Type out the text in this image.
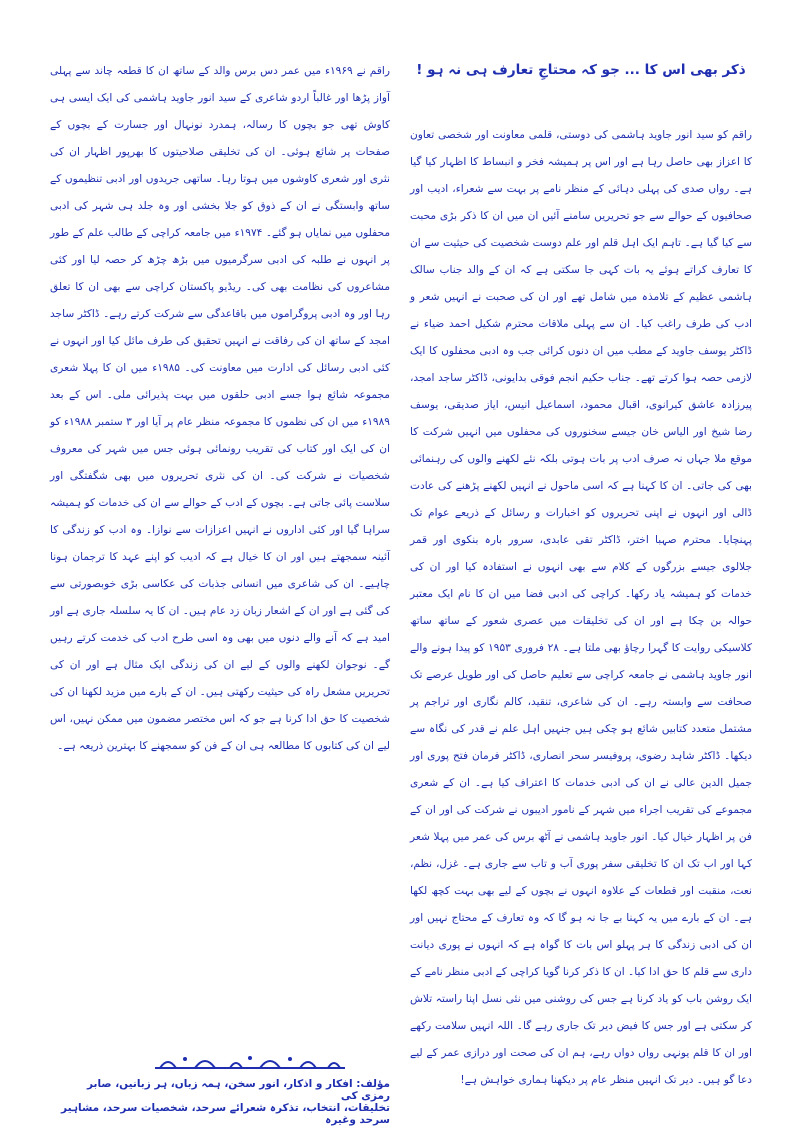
ذکر بھی اس کا ... جو کہ محتاجِ تعارف ہی نہ ہو !

راقم کو سید انور جاوید ہاشمی کی دوستی، قلمی معاونت اور شخصی تعاون کا اعزاز بھی حاصل رہا ہے اور اس پر ہمیشہ فخر و انبساط کا اظہار کیا گیا ہے۔ رواں صدی کی پہلی دہائی کے منظر نامے پر بہت سے شعراء، ادیب اور صحافیوں کے حوالے سے جو تحریریں سامنے آئیں ان میں ان کا ذکر بڑی محبت سے کیا گیا ہے۔ تاہم ایک اہل قلم اور علم دوست شخصیت کی حیثیت سے ان کا تعارف کراتے ہوئے یہ بات کہی جا سکتی ہے کہ ان کے والد جناب سالک ہاشمی عظیم کے تلامذہ میں شامل تھے اور ان کی صحبت نے انہیں شعر و ادب کی طرف راغب کیا۔ ان سے پہلی ملاقات محترم شکیل احمد ضیاء نے ڈاکٹر یوسف جاوید کے مطب میں ان دنوں کرائی جب وہ ادبی محفلوں کا ایک لازمی حصہ ہوا کرتے تھے۔ جناب حکیم انجم فوقی بدایونی، ڈاکٹر ساجد امجد، پیرزادہ عاشق کیرانوی، اقبال محمود، اسماعیل انیس، ایاز صدیقی، یوسف رضا شیخ اور الیاس خان جیسے سخنوروں کی محفلوں میں انہیں شرکت کا موقع ملا جہاں نہ صرف ادب پر بات ہوتی بلکہ نئے لکھنے والوں کی رہنمائی بھی کی جاتی۔ ان کا کہنا ہے کہ اسی ماحول نے انہیں لکھنے پڑھنے کی عادت ڈالی اور انہوں نے اپنی تحریروں کو اخبارات و رسائل کے ذریعے عوام تک پہنچایا۔ محترم صہبا اختر، ڈاکٹر تقی عابدی، سرور بارہ بنکوی اور قمر جلالوی جیسے بزرگوں کے کلام سے بھی انہوں نے استفادہ کیا اور ان کی خدمات کو ہمیشہ یاد رکھا۔ کراچی کی ادبی فضا میں ان کا نام ایک معتبر حوالہ بن چکا ہے اور ان کی تخلیقات میں عصری شعور کے ساتھ ساتھ کلاسیکی روایت کا گہرا رچاؤ بھی ملتا ہے۔ ۲۸ فروری ۱۹۵۳ کو پیدا ہونے والے انور جاوید ہاشمی نے جامعہ کراچی سے تعلیم حاصل کی اور طویل عرصے تک صحافت سے وابستہ رہے۔ ان کی شاعری، تنقید، کالم نگاری اور تراجم پر مشتمل متعدد کتابیں شائع ہو چکی ہیں جنہیں اہل علم نے قدر کی نگاہ سے دیکھا۔ ڈاکٹر شاہد رضوی، پروفیسر سحر انصاری، ڈاکٹر فرمان فتح پوری اور جمیل الدین عالی نے ان کی ادبی خدمات کا اعتراف کیا ہے۔ ان کے شعری مجموعے کی تقریب اجراء میں شہر کے نامور ادیبوں نے شرکت کی اور ان کے فن پر اظہار خیال کیا۔ انور جاوید ہاشمی نے آٹھ برس کی عمر میں پہلا شعر کہا اور اب تک ان کا تخلیقی سفر پوری آب و تاب سے جاری ہے۔ غزل، نظم، نعت، منقبت اور قطعات کے علاوہ انہوں نے بچوں کے لیے بھی بہت کچھ لکھا ہے۔ ان کے بارے میں یہ کہنا بے جا نہ ہو گا کہ وہ تعارف کے محتاج نہیں اور ان کی ادبی زندگی کا ہر پہلو اس بات کا گواہ ہے کہ انہوں نے پوری دیانت داری سے قلم کا حق ادا کیا۔ ان کا ذکر کرنا گویا کراچی کے ادبی منظر نامے کے ایک روشن باب کو یاد کرنا ہے جس کی روشنی میں نئی نسل اپنا راستہ تلاش کر سکتی ہے اور جس کا فیض دیر تک جاری رہے گا۔ اللہ انہیں سلامت رکھے اور ان کا قلم یونہی رواں دواں رہے، ہم ان کی صحت اور درازی عمر کے لیے دعا گو ہیں۔ دیر تک انہیں منظر عام پر دیکھنا ہماری خواہش ہے!

راقم نے ۱۹۶۹ء میں عمر دس برس والد کے ساتھ ان کا قطعہ چاند سے پہلی آواز پڑھا اور غالباً اردو شاعری کے سید انور جاوید ہاشمی کی ایک ایسی ہی کاوش تھی جو بچوں کا رسالہ، ہمدرد نونہال اور جسارت کے بچوں کے صفحات پر شائع ہوئی۔ ان کی تخلیقی صلاحیتوں کا بھرپور اظہار ان کی نثری اور شعری کاوشوں میں ہوتا رہا۔ ساتھی جریدوں اور ادبی تنظیموں کے ساتھ وابستگی نے ان کے ذوق کو جلا بخشی اور وہ جلد ہی شہر کی ادبی محفلوں میں نمایاں ہو گئے۔ ۱۹۷۴ء میں جامعہ کراچی کے طالب علم کے طور پر انہوں نے طلبہ کی ادبی سرگرمیوں میں بڑھ چڑھ کر حصہ لیا اور کئی مشاعروں کی نظامت بھی کی۔ ریڈیو پاکستان کراچی سے بھی ان کا تعلق رہا اور وہ ادبی پروگراموں میں باقاعدگی سے شرکت کرتے رہے۔ ڈاکٹر ساجد امجد کے ساتھ ان کی رفاقت نے انہیں تحقیق کی طرف مائل کیا اور انہوں نے کئی ادبی رسائل کی ادارت میں معاونت کی۔ ۱۹۸۵ء میں ان کا پہلا شعری مجموعہ شائع ہوا جسے ادبی حلقوں میں بہت پذیرائی ملی۔ اس کے بعد ۱۹۸۹ء میں ان کی نظموں کا مجموعہ منظر عام پر آیا اور ۳ ستمبر ۱۹۸۸ء کو ان کی ایک اور کتاب کی تقریب رونمائی ہوئی جس میں شہر کی معروف شخصیات نے شرکت کی۔ ان کی نثری تحریروں میں بھی شگفتگی اور سلاست پائی جاتی ہے۔ بچوں کے ادب کے حوالے سے ان کی خدمات کو ہمیشہ سراہا گیا اور کئی اداروں نے انہیں اعزازات سے نوازا۔ وہ ادب کو زندگی کا آئینہ سمجھتے ہیں اور ان کا خیال ہے کہ ادیب کو اپنے عہد کا ترجمان ہونا چاہیے۔ ان کی شاعری میں انسانی جذبات کی عکاسی بڑی خوبصورتی سے کی گئی ہے اور ان کے اشعار زبان زد عام ہیں۔ ان کا یہ سلسلہ جاری ہے اور امید ہے کہ آنے والے دنوں میں بھی وہ اسی طرح ادب کی خدمت کرتے رہیں گے۔ نوجوان لکھنے والوں کے لیے ان کی زندگی ایک مثال ہے اور ان کی تحریریں مشعل راہ کی حیثیت رکھتی ہیں۔ ان کے بارے میں مزید لکھنا ان کی شخصیت کا حق ادا کرنا ہے جو کہ اس مختصر مضمون میں ممکن نہیں، اس لیے ان کی کتابوں کا مطالعہ ہی ان کے فن کو سمجھنے کا بہترین ذریعہ ہے۔

مؤلف: افکار و اذکار، انور سخن، ہمہ زباں، ہر زبانیں، صابر رمزی کی
تخلیقات، انتخاب، تذکرہ شعرائے سرحد، شخصیات سرحد، مشاہیر سرحد وغیرہ
